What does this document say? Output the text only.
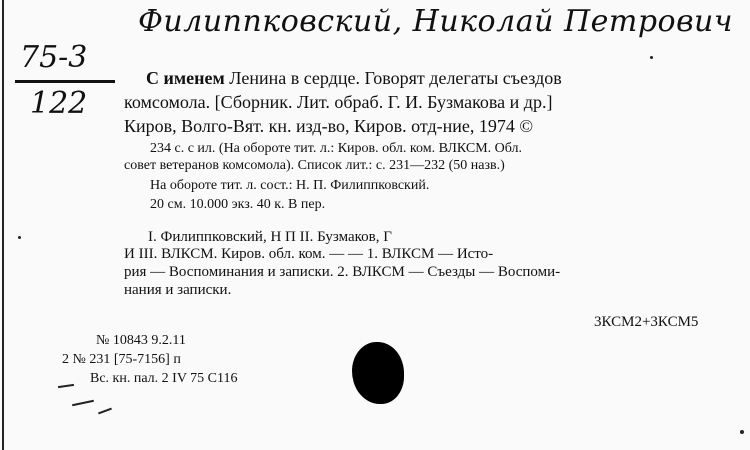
Филиппковский, Николай Петрович
75-3
122
С именем Ленина в сердце. Говорят делегаты съездов
комсомола. [Сборник. Лит. обраб. Г. И. Бузмакова и др.]
Киров, Волго-Вят. кн. изд-во, Киров. отд-ние, 1974 ©
234 с. с ил. (На обороте тит. л.: Киров. обл. ком. ВЛКСМ. Обл.
совет ветеранов комсомола). Список лит.: с. 231—232 (50 назв.)
На обороте тит. л. сост.: Н. П. Филиппковский.
20 см. 10.000 экз. 40 к. В пер.
I. Филиппковский, Н П II. Бузмаков, Г
И III. ВЛКСМ. Киров. обл. ком. — — 1. ВЛКСМ — Исто-
рия — Воспоминания и записки. 2. ВЛКСМ — Съезды — Воспоми-
нания и записки.
3КСМ2+3КСМ5
№ 10843 9.2.11
2 № 231 [75-7156] п
Вс. кн. пал. 2 IV 75 С116
